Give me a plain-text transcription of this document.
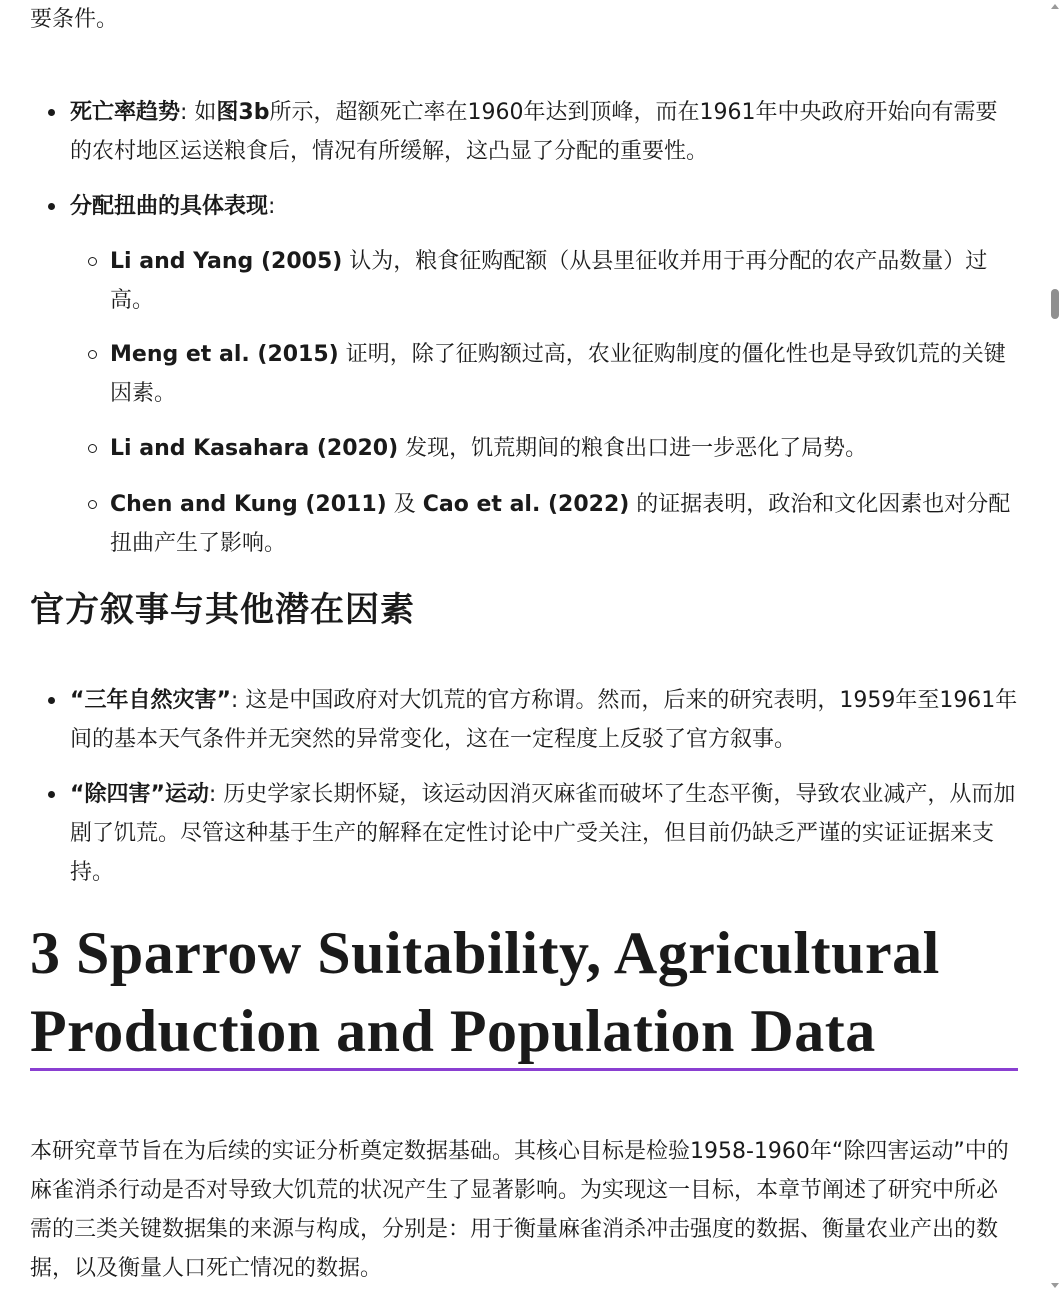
要条件。

死亡率趋势: 如图3b所示，超额死亡率在1960年达到顶峰，而在1961年中央政府开始向有需要的农村地区运送粮食后，情况有所缓解，这凸显了分配的重要性。
分配扭曲的具体表现:
Li and Yang (2005) 认为，粮食征购配额（从县里征收并用于再分配的农产品数量）过高。
Meng et al. (2015) 证明，除了征购额过高，农业征购制度的僵化性也是导致饥荒的关键因素。
Li and Kasahara (2020) 发现，饥荒期间的粮食出口进一步恶化了局势。
Chen and Kung (2011) 及 Cao et al. (2022) 的证据表明，政治和文化因素也对分配扭曲产生了影响。
官方叙事与其他潜在因素
“三年自然灾害”: 这是中国政府对大饥荒的官方称谓。然而，后来的研究表明，1959年至1961年间的基本天气条件并无突然的异常变化，这在一定程度上反驳了官方叙事。
“除四害”运动: 历史学家长期怀疑，该运动因消灭麻雀而破坏了生态平衡，导致农业减产，从而加剧了饥荒。尽管这种基于生产的解释在定性讨论中广受关注，但目前仍缺乏严谨的实证证据来支持。
3 Sparrow Suitability, Agricultural Production and Population Data

本研究章节旨在为后续的实证分析奠定数据基础。其核心目标是检验1958-1960年“除四害运动”中的麻雀消杀行动是否对导致大饥荒的状况产生了显著影响。为实现这一目标，本章节阐述了研究中所必需的三类关键数据集的来源与构成，分别是：用于衡量麻雀消杀冲击强度的数据、衡量农业产出的数据，以及衡量人口死亡情况的数据。
